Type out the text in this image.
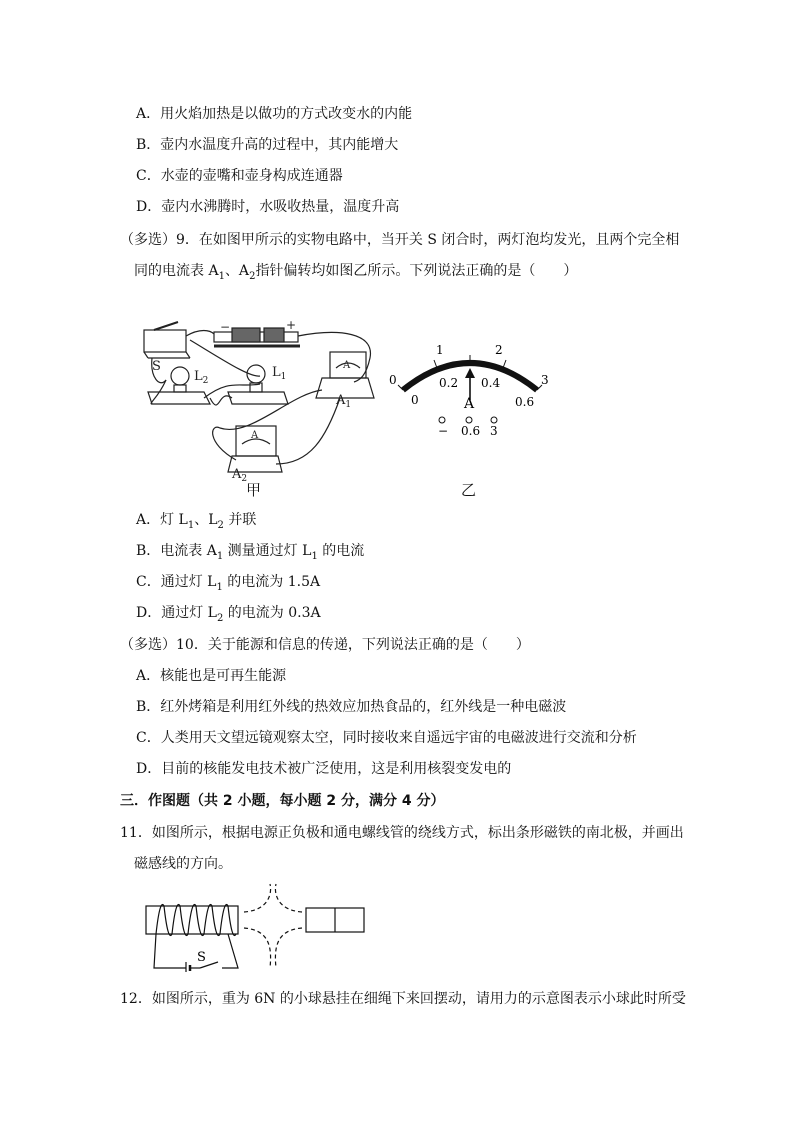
A．用火焰加热是以做功的方式改变水的内能
B．壶内水温度升高的过程中，其内能增大
C．水壶的壶嘴和壶身构成连通器
D．壶内水沸腾时，水吸收热量，温度升高
（多选）9．在如图甲所示的实物电路中，当开关 S 闭合时，两灯泡均发光，且两个完全相
同的电流表 $A_1$、$A_2$指针偏转均如图乙所示。下列说法正确的是（　　）
−	+
S
$L_2$
$L_1$
$A_1$
$A_2$
A
A
甲
0
1	2
3
0
0.2 0.4
0.6
A
− 0.6 3
乙
A．灯 $L_1$、$L_2$ 并联
B．电流表 $A_1$ 测量通过灯 $L_1$ 的电流
C．通过灯 $L_1$ 的电流为 1.5A
D．通过灯 $L_2$ 的电流为 0.3A
（多选）10．关于能源和信息的传递，下列说法正确的是（　　）
A．核能也是可再生能源
B．红外烤箱是利用红外线的热效应加热食品的，红外线是一种电磁波
C．人类用天文望远镜观察太空，同时接收来自遥远宇宙的电磁波进行交流和分析
D．目前的核能发电技术被广泛使用，这是利用核裂变发电的
三．作图题（共 2 小题，每小题 2 分，满分 4 分）
11．如图所示，根据电源正负极和通电螺线管的绕线方式，标出条形磁铁的南北极，并画出
磁感线的方向。
S
12．如图所示，重为 6N 的小球悬挂在细绳下来回摆动，请用力的示意图表示小球此时所受
